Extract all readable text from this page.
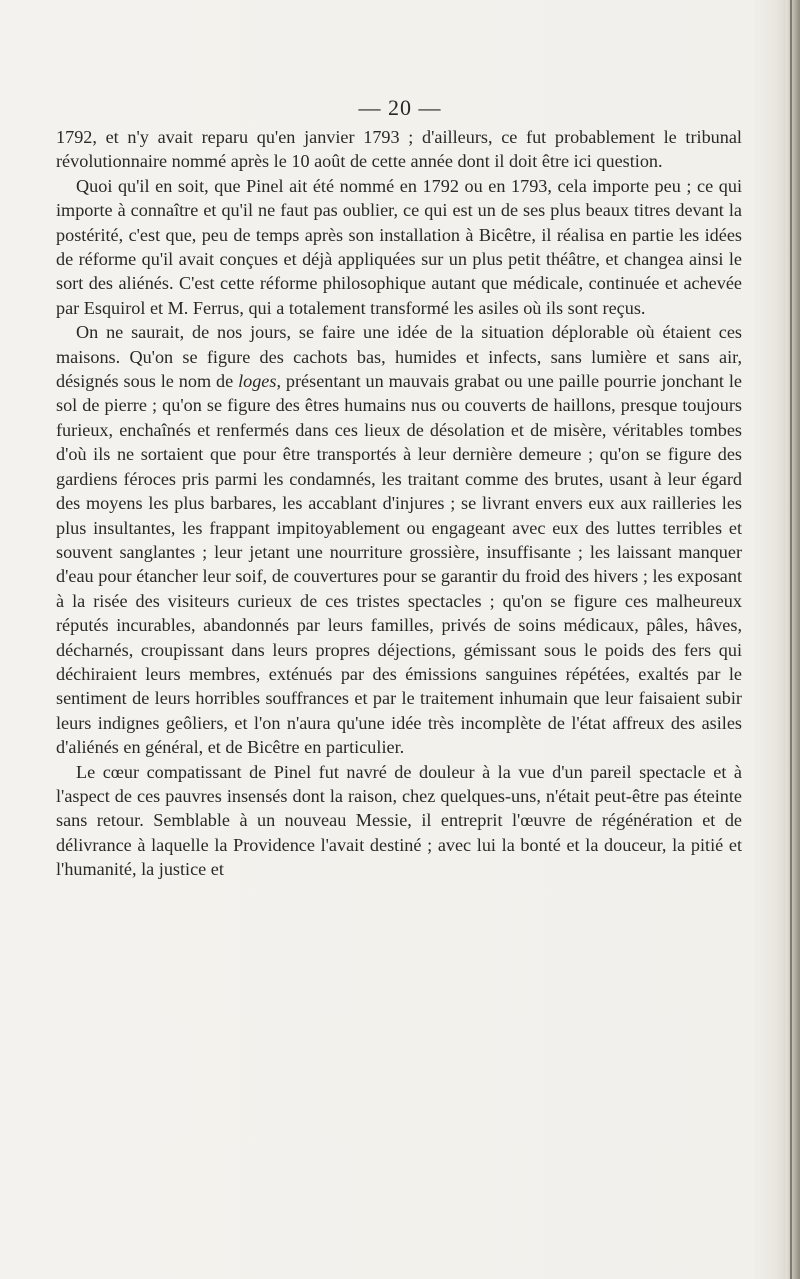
— 20 —

1792, et n'y avait reparu qu'en janvier 1793 ; d'ailleurs, ce fut probablement le tribunal révolutionnaire nommé après le 10 août de cette année dont il doit être ici question.

Quoi qu'il en soit, que Pinel ait été nommé en 1792 ou en 1793, cela importe peu ; ce qui importe à connaître et qu'il ne faut pas oublier, ce qui est un de ses plus beaux titres devant la postérité, c'est que, peu de temps après son installation à Bicêtre, il réalisa en partie les idées de réforme qu'il avait conçues et déjà appliquées sur un plus petit théâtre, et changea ainsi le sort des aliénés. C'est cette réforme philosophique autant que médicale, continuée et achevée par Esquirol et M. Ferrus, qui a totalement transformé les asiles où ils sont reçus.

On ne saurait, de nos jours, se faire une idée de la situation déplorable où étaient ces maisons. Qu'on se figure des cachots bas, humides et infects, sans lumière et sans air, désignés sous le nom de loges, présentant un mauvais grabat ou une paille pourrie jonchant le sol de pierre ; qu'on se figure des êtres humains nus ou couverts de haillons, presque toujours furieux, enchaînés et renfermés dans ces lieux de désolation et de misère, véritables tombes d'où ils ne sortaient que pour être transportés à leur dernière demeure ; qu'on se figure des gardiens féroces pris parmi les condamnés, les traitant comme des brutes, usant à leur égard des moyens les plus barbares, les accablant d'injures ; se livrant envers eux aux railleries les plus insultantes, les frappant impitoyablement ou engageant avec eux des luttes terribles et souvent sanglantes ; leur jetant une nourriture grossière, insuffisante ; les laissant manquer d'eau pour étancher leur soif, de couvertures pour se garantir du froid des hivers ; les exposant à la risée des visiteurs curieux de ces tristes spectacles ; qu'on se figure ces malheureux réputés incurables, abandonnés par leurs familles, privés de soins médicaux, pâles, hâves, décharnés, croupissant dans leurs propres déjections, gémissant sous le poids des fers qui déchiraient leurs membres, exténués par des émissions sanguines répétées, exaltés par le sentiment de leurs horribles souffrances et par le traitement inhumain que leur faisaient subir leurs indignes geôliers, et l'on n'aura qu'une idée très incomplète de l'état affreux des asiles d'aliénés en général, et de Bicêtre en particulier.

Le cœur compatissant de Pinel fut navré de douleur à la vue d'un pareil spectacle et à l'aspect de ces pauvres insensés dont la raison, chez quelques-uns, n'était peut-être pas éteinte sans retour. Semblable à un nouveau Messie, il entreprit l'œuvre de régénération et de délivrance à laquelle la Providence l'avait destiné ; avec lui la bonté et la douceur, la pitié et l'humanité, la justice et
